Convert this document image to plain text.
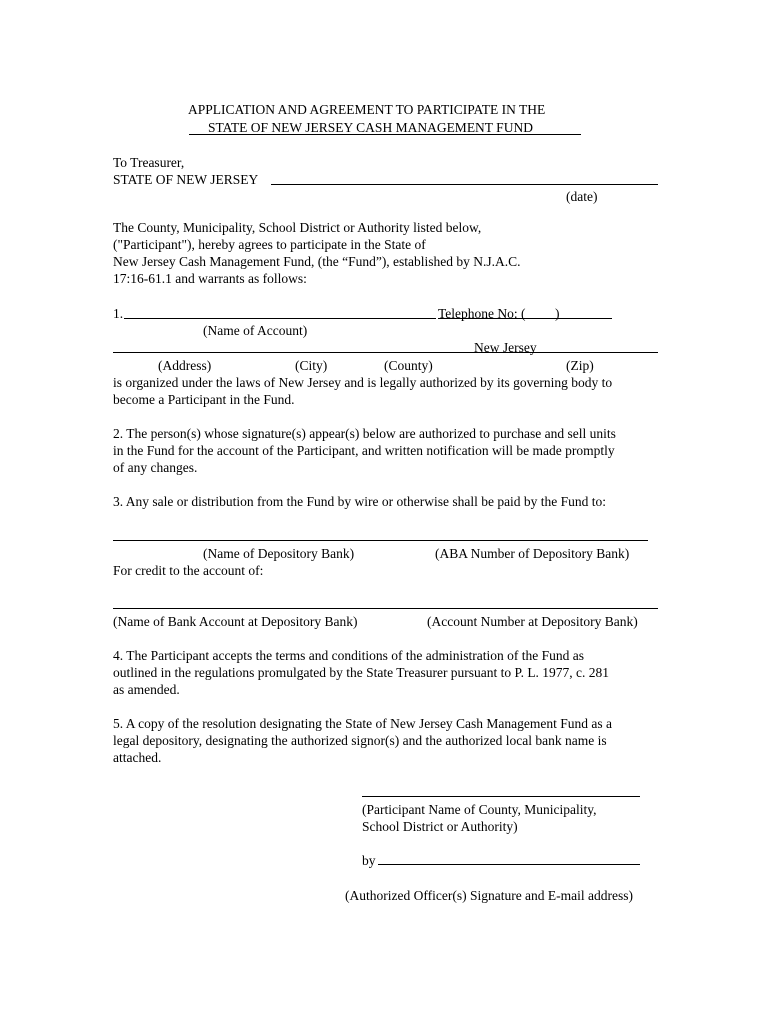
APPLICATION AND AGREEMENT TO PARTICIPATE IN THE
STATE OF NEW JERSEY CASH MANAGEMENT FUND
To Treasurer,
STATE OF NEW JERSEY
(date)
The County, Municipality, School District or Authority listed below,
("Participant"), hereby agrees to participate in the State of
New Jersey Cash Management Fund, (the “Fund”), established by N.J.A.C.
17:16-61.1 and warrants as follows:
1.	Telephone No: ( )
(Name of Account)
New Jersey
(Address)	(City)	(County)	(Zip)
is organized under the laws of New Jersey and is legally authorized by its governing body to
become a Participant in the Fund.
2. The person(s) whose signature(s) appear(s) below are authorized to purchase and sell units
in the Fund for the account of the Participant, and written notification will be made promptly
of any changes.
3. Any sale or distribution from the Fund by wire or otherwise shall be paid by the Fund to:
(Name of Depository Bank)	(ABA Number of Depository Bank)
For credit to the account of:
(Name of Bank Account at Depository Bank)	(Account Number at Depository Bank)
4. The Participant accepts the terms and conditions of the administration of the Fund as
outlined in the regulations promulgated by the State Treasurer pursuant to P. L. 1977, c. 281
as amended.
5. A copy of the resolution designating the State of New Jersey Cash Management Fund as a
legal depository, designating the authorized signor(s) and the authorized local bank name is
attached.
(Participant Name of County, Municipality,
School District or Authority)
by
(Authorized Officer(s) Signature and E-mail address)
